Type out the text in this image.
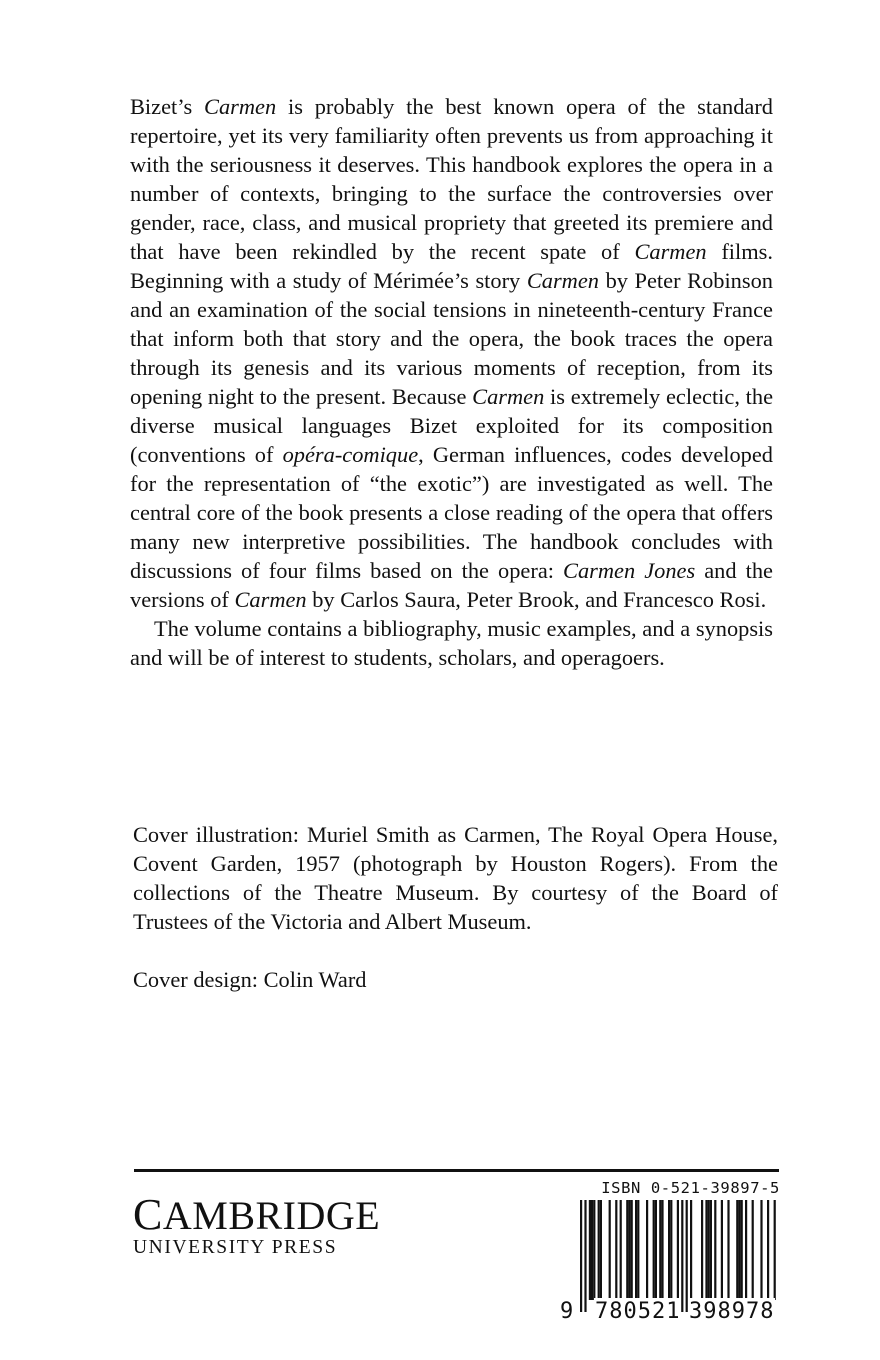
Bizet’s Carmen is probably the best known opera of the standard repertoire, yet its very familiarity often prevents us from approaching it with the seriousness it deserves. This handbook explores the opera in a number of contexts, bringing to the surface the controversies over gender, race, class, and musical propriety that greeted its premiere and that have been rekindled by the recent spate of Carmen films. Beginning with a study of Mérimée’s story Carmen by Peter Robinson and an examination of the social tensions in nineteenth-century France that inform both that story and the opera, the book traces the opera through its genesis and its various moments of reception, from its opening night to the present. Because Carmen is extremely eclectic, the diverse musical languages Bizet exploited for its composition (conventions of opéra-comique, German influences, codes developed for the representation of “the exotic”) are investigated as well. The central core of the book presents a close reading of the opera that offers many new interpretive possibilities. The handbook concludes with discussions of four films based on the opera: Carmen Jones and the versions of Carmen by Carlos Saura, Peter Brook, and Francesco Rosi.

The volume contains a bibliography, music examples, and a synopsis and will be of interest to students, scholars, and operagoers.

Cover illustration: Muriel Smith as Carmen, The Royal Opera House, Covent Garden, 1957 (photograph by Houston Rogers). From the collections of the Theatre Museum. By courtesy of the Board of Trustees of the Victoria and Albert Museum.

Cover design: Colin Ward

CAMBRIDGE
UNIVERSITY PRESS
ISBN 0-521-39897-5
9 780521 398978
